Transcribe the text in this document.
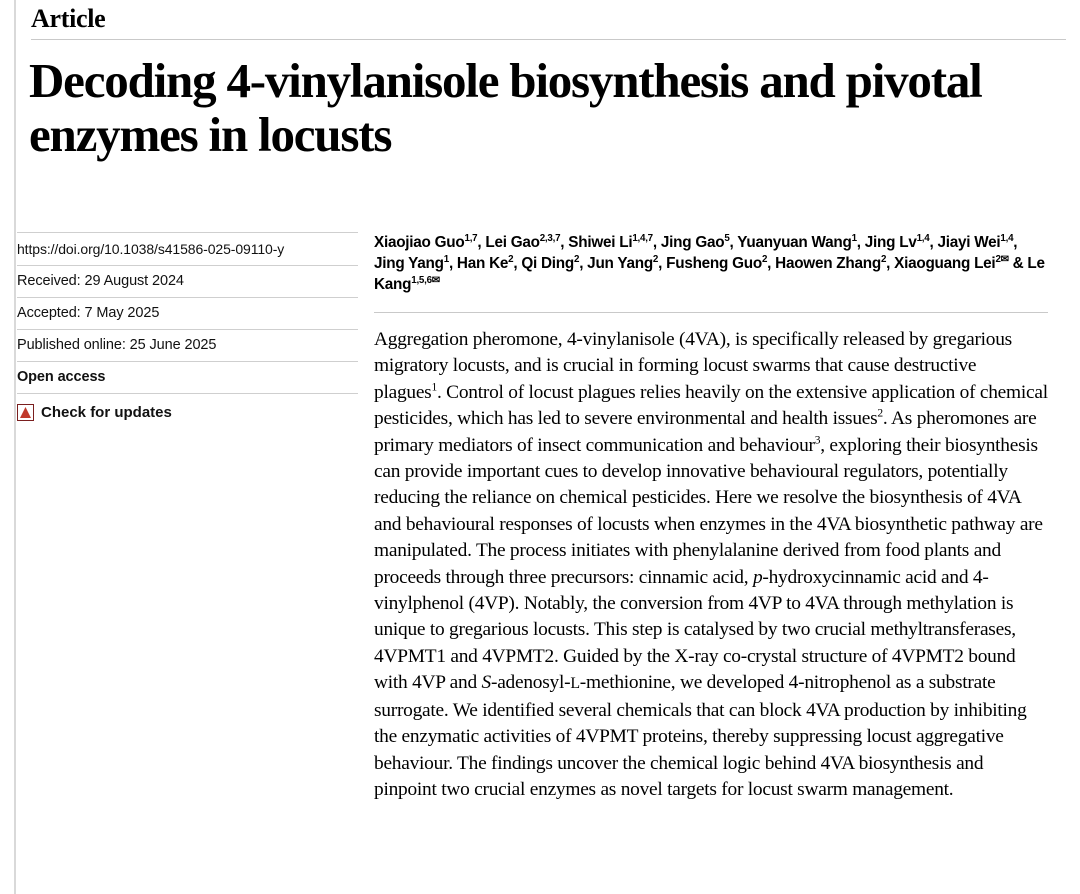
Article
Decoding 4-vinylanisole biosynthesis and pivotal enzymes in locusts
https://doi.org/10.1038/s41586-025-09110-y
Received: 29 August 2024
Accepted: 7 May 2025
Published online: 25 June 2025
Open access
Check for updates
Xiaojiao Guo$^{1,7}$, Lei Gao$^{2,3,7}$, Shiwei Li$^{1,4,7}$, Jing Gao$^5$, Yuanyuan Wang$^1$, Jing Lv$^{1,4}$, Jiayi Wei$^{1,4}$, Jing Yang$^1$, Han Ke$^2$, Qi Ding$^2$, Jun Yang$^2$, Fusheng Guo$^2$, Haowen Zhang$^2$, Xiaoguang Lei$^{2✉}$ & Le Kang$^{1,5,6✉}$
Aggregation pheromone, 4-vinylanisole (4VA), is specifically released by gregarious migratory locusts, and is crucial in forming locust swarms that cause destructive plagues$^1$. Control of locust plagues relies heavily on the extensive application of chemical pesticides, which has led to severe environmental and health issues$^2$. As pheromones are primary mediators of insect communication and behaviour$^3$, exploring their biosynthesis can provide important cues to develop innovative behavioural regulators, potentially reducing the reliance on chemical pesticides. Here we resolve the biosynthesis of 4VA and behavioural responses of locusts when enzymes in the 4VA biosynthetic pathway are manipulated. The process initiates with phenylalanine derived from food plants and proceeds through three precursors: cinnamic acid, p-hydroxycinnamic acid and 4-vinylphenol (4VP). Notably, the conversion from 4VP to 4VA through methylation is unique to gregarious locusts. This step is catalysed by two crucial methyltransferases, 4VPMT1 and 4VPMT2. Guided by the X-ray co-crystal structure of 4VPMT2 bound with 4VP and S-adenosyl-L-methionine, we developed 4-nitrophenol as a substrate surrogate. We identified several chemicals that can block 4VA production by inhibiting the enzymatic activities of 4VPMT proteins, thereby suppressing locust aggregative behaviour. The findings uncover the chemical logic behind 4VA biosynthesis and pinpoint two crucial enzymes as novel targets for locust swarm management.
